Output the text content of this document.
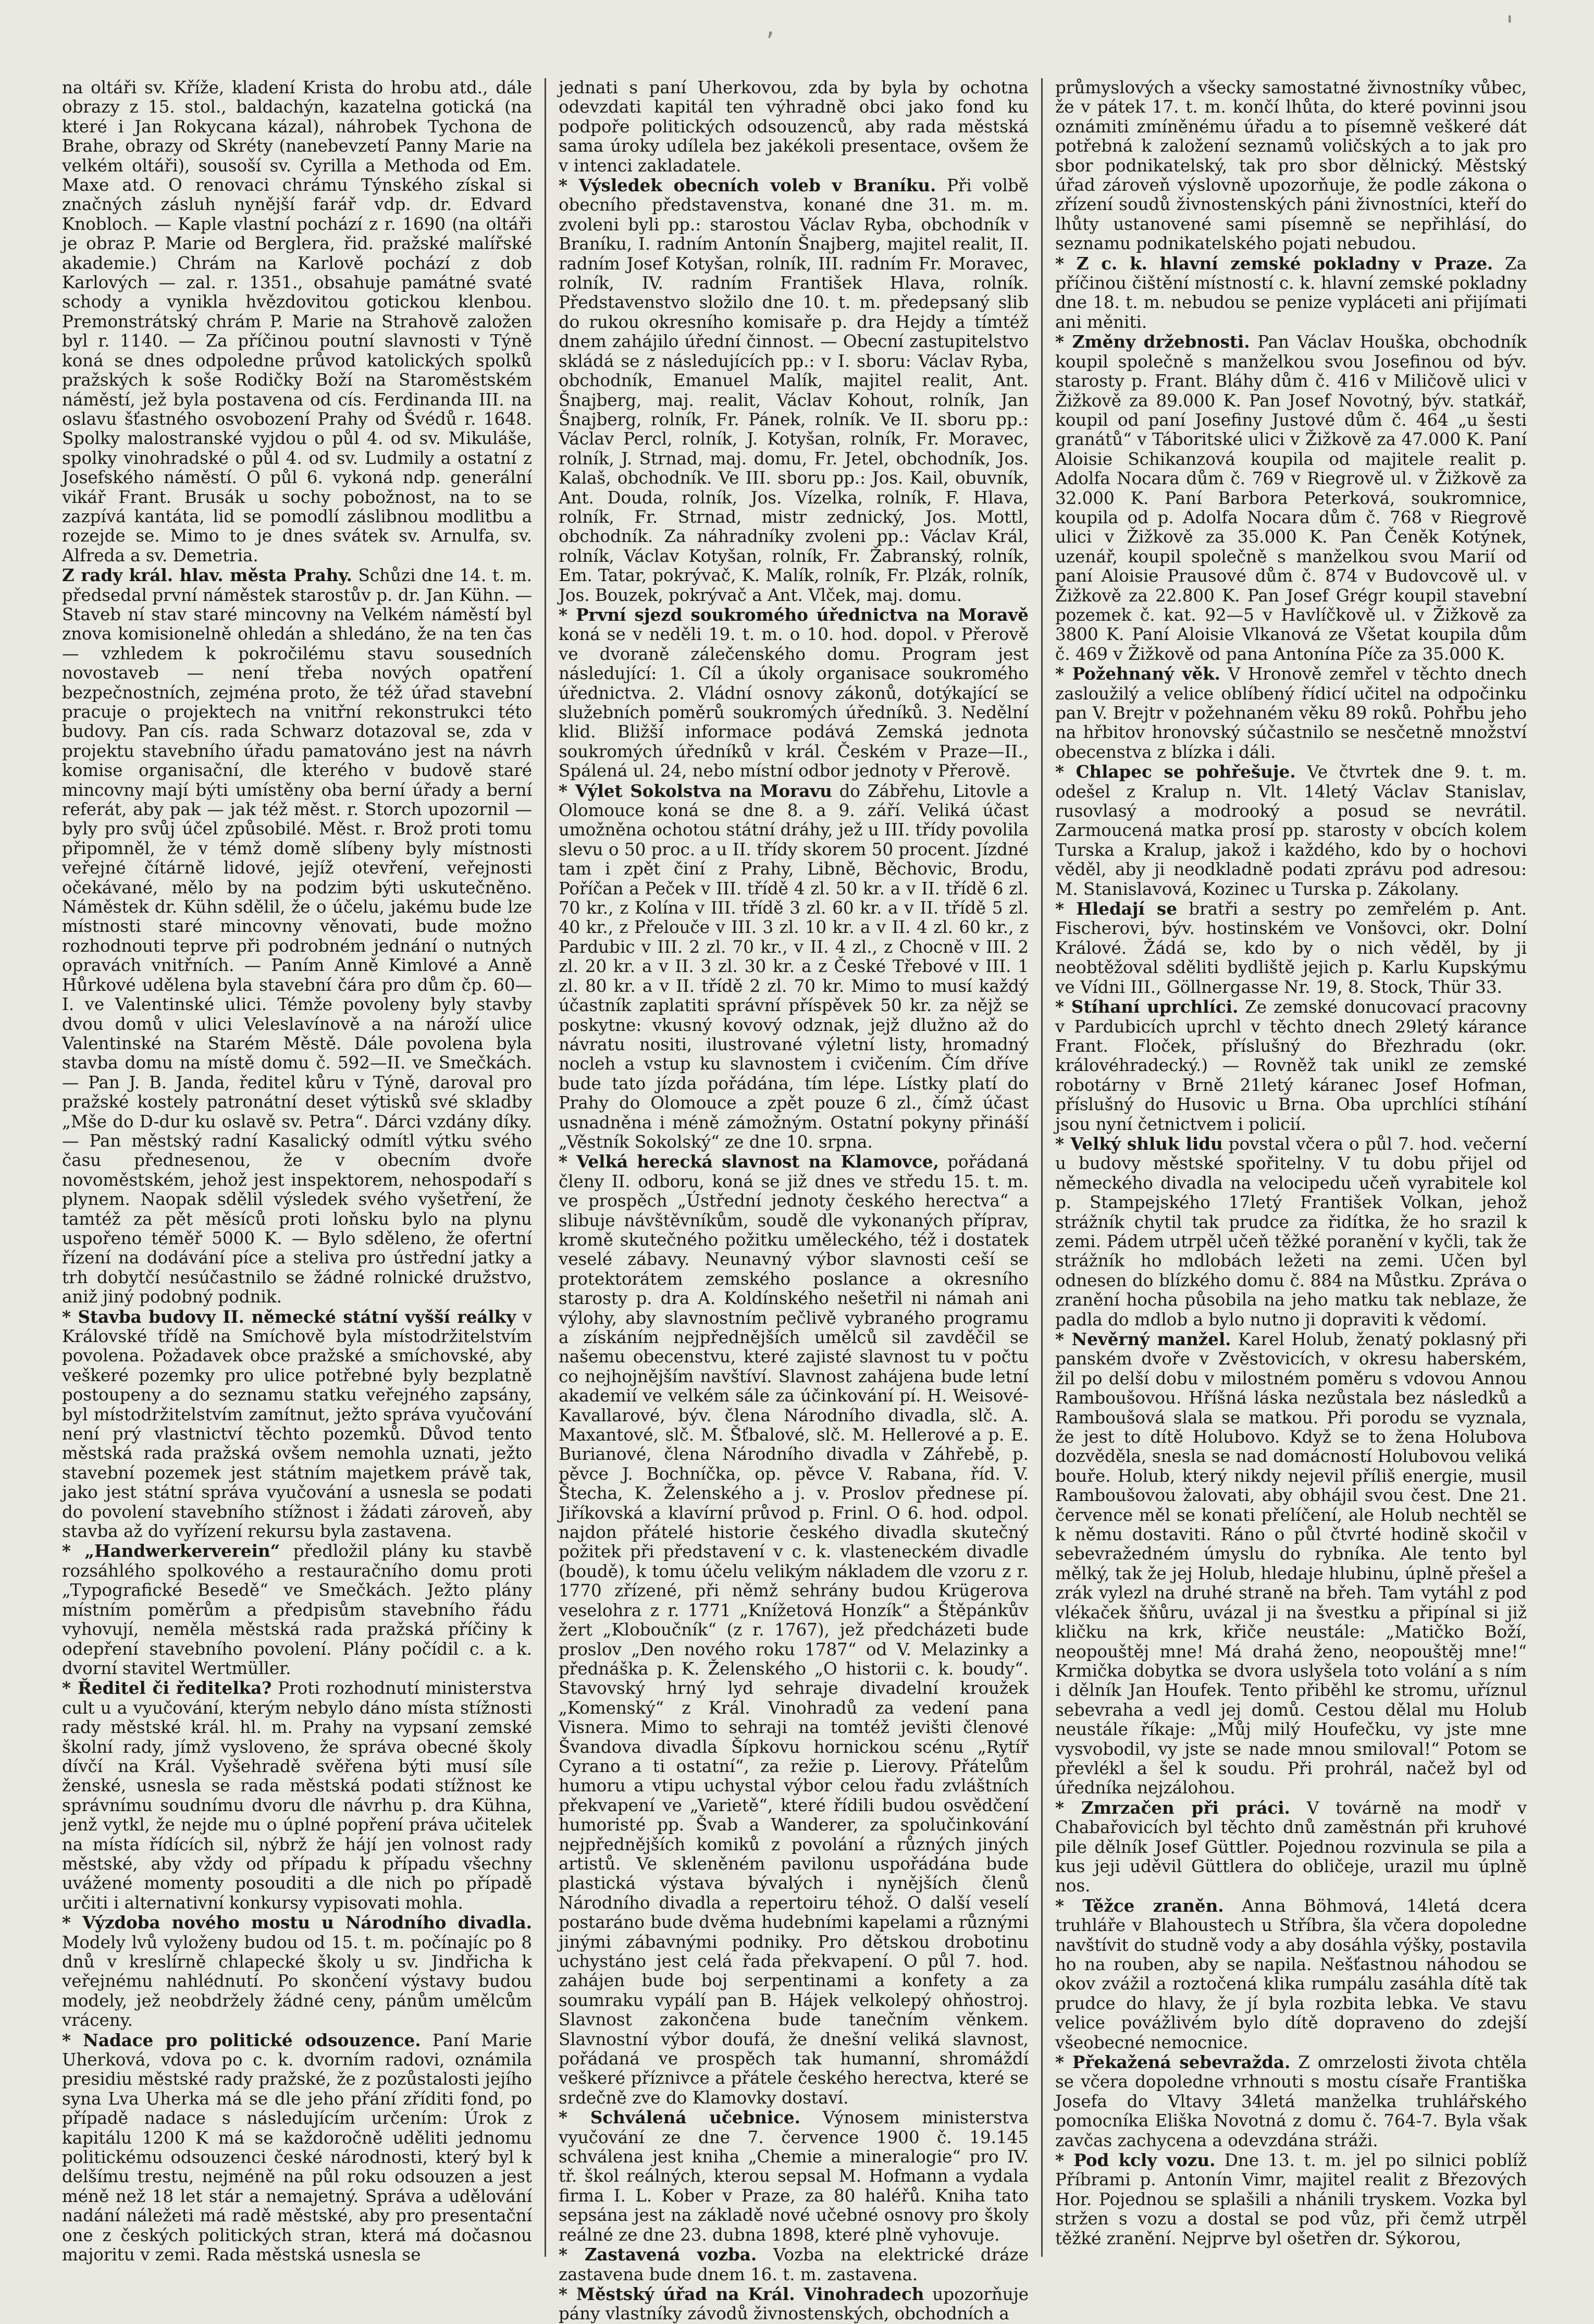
,	'

na oltáři sv. Kříže, kladení Krista do hrobu atd., dále obrazy z 15. stol., baldachýn, kazatelna gotická (na které i Jan Rokycana kázal), náhrobek Tychona de Brahe, obrazy od Skréty (nanebevzetí Panny Marie na velkém oltáři), sousoší sv. Cyrilla a Methoda od Em. Maxe atd. O renovaci chrámu Týnského získal si značných zásluh nynější farář vdp. dr. Edvard Knobloch. — Kaple vlastní pochází z r. 1690 (na oltáři je obraz P. Marie od Berglera, řid. pražské malířské akademie.) Chrám na Karlově pochází z dob Karlových — zal. r. 1351., obsahuje památné svaté schody a vynikla hvězdovitou gotickou klenbou. Premonstrátský chrám P. Marie na Strahově založen byl r. 1140. — Za příčinou poutní slavnosti v Týně koná se dnes odpoledne průvod katolických spolků pražských k soše Rodičky Boží na Staroměstském náměstí, jež byla postavena od cís. Ferdinanda III. na oslavu šťastného osvobození Prahy od Švédů r. 1648. Spolky malostranské vyjdou o půl 4. od sv. Mikuláše, spolky vinohradské o půl 4. od sv. Ludmily a ostatní z Josefského náměstí. O půl 6. vykoná ndp. generální vikář Frant. Brusák u sochy pobožnost, na to se zazpívá kantáta, lid se pomodlí záslibnou modlitbu a rozejde se. Mimo to je dnes svátek sv. Arnulfa, sv. Alfreda a sv. Demetria.

Z rady král. hlav. města Prahy. Schůzi dne 14. t. m. předsedal první náměstek starostův p. dr. Jan Kühn. — Staveb ní stav staré mincovny na Velkém náměstí byl znova komisionelně ohledán a shledáno, že na ten čas — vzhledem k pokročilému stavu sousedních novostaveb — není třeba nových opatření bezpečnostních, zejména proto, že též úřad stavební pracuje o projektech na vnitřní rekonstrukci této budovy. Pan cís. rada Schwarz dotazoval se, zda v projektu stavebního úřadu pamatováno jest na návrh komise organisační, dle kterého v budově staré mincovny mají býti umístěny oba berní úřady a berní referát, aby pak — jak též měst. r. Storch upozornil — byly pro svůj účel způsobilé. Měst. r. Brož proti tomu připomněl, že v témž domě slíbeny byly místnosti veřejné čítárně lidové, jejíž otevření, veřejnosti očekávané, mělo by na podzim býti uskutečněno. Náměstek dr. Kühn sdělil, že o účelu, jakému bude lze místnosti staré mincovny věnovati, bude možno rozhodnouti teprve při podrobném jednání o nutných opravách vnitřních. — Paním Anně Kimlové a Anně Hůrkové udělena byla stavební čára pro dům čp. 60—I. ve Valentinské ulici. Témže povoleny byly stavby dvou domů v ulici Veleslavínově a na nároží ulice Valentinské na Starém Městě. Dále povolena byla stavba domu na místě domu č. 592—II. ve Smečkách. — Pan J. B. Janda, ředitel kůru v Týně, daroval pro pražské kostely patronátní deset výtisků své skladby „Mše do D-dur ku oslavě sv. Petra“. Dárci vzdány díky. — Pan městský radní Kasalický odmítl výtku svého času přednesenou, že v obecním dvoře novoměstském, jehož jest inspektorem, nehospodaří s plynem. Naopak sdělil výsledek svého vyšetření, že tamtéž za pět měsíců proti loňsku bylo na plynu uspořeno téměř 5000 K. — Bylo sděleno, že ofertní řízení na dodávání píce a steliva pro ústřední jatky a trh dobytčí nesúčastnilo se žádné rolnické družstvo, aniž jiný podobný podnik.

* Stavba budovy II. německé státní vyšší reálky v Královské třídě na Smíchově byla místodržitelstvím povolena. Požadavek obce pražské a smíchovské, aby veškeré pozemky pro ulice potřebné byly bezplatně postoupeny a do seznamu statku veřejného zapsány, byl místodržitelstvím zamítnut, ježto správa vyučování není prý vlastnictví těchto pozemků. Důvod tento městská rada pražská ovšem nemohla uznati, ježto stavební pozemek jest státním majetkem právě tak, jako jest státní správa vyučování a usnesla se podati do povolení stavebního stížnost i žádati zároveň, aby stavba až do vyřízení rekursu byla zastavena.

* „Handwerkerverein“ předložil plány ku stavbě rozsáhlého spolkového a restauračního domu proti „Typografické Besedě“ ve Smečkách. Ježto plány místním poměrům a předpisům stavebního řádu vyhovují, neměla městská rada pražská příčiny k odepření stavebního povolení. Plány počídil c. a k. dvorní stavitel Wertmüller.

* Ředitel či ředitelka? Proti rozhodnutí ministerstva cult u a vyučování, kterým nebylo dáno místa stížnosti rady městské král. hl. m. Prahy na vypsaní zemské školní rady, jímž vysloveno, že správa obecné školy dívčí na Král. Vyšehradě svěřena býti musí síle ženské, usnesla se rada městská podati stížnost ke správnímu soudnímu dvoru dle návrhu p. dra Kühna, jenž vytkl, že nejde mu o úplné popření práva učitelek na místa řídících sil, nýbrž že hájí jen volnost rady městské, aby vždy od případu k případu všechny uvážené momenty posouditi a dle nich po případě určiti i alternativní konkursy vypisovati mohla.

* Výzdoba nového mostu u Národního divadla. Modely lvů vyloženy budou od 15. t. m. počínajíc po 8 dnů v kreslírně chlapecké školy u sv. Jindřicha k veřejnému nahlédnutí. Po skončení výstavy budou modely, jež neobdržely žádné ceny, pánům umělcům vráceny.

* Nadace pro politické odsouzence. Paní Marie Uherková, vdova po c. k. dvorním radovi, oznámila presidiu městské rady pražské, že z pozůstalosti jejího syna Lva Uherka má se dle jeho přání zříditi fond, po případě nadace s následujícím určením: Úrok z kapitálu 1200 K má se každoročně uděliti jednomu politickému odsouzenci české národnosti, který byl k delšímu trestu, nejméně na půl roku odsouzen a jest méně než 18 let stár a nemajetný. Správa a udělování nadání náležeti má radě městské, aby pro presentační one z českých politických stran, která má dočasnou majoritu v zemi. Rada městská usnesla se

jednati s paní Uherkovou, zda by byla by ochotna odevzdati kapitál ten výhradně obci jako fond ku podpoře politických odsouzenců, aby rada městská sama úroky udílela bez jakékoli presentace, ovšem že v intenci zakladatele.

* Výsledek obecních voleb v Braníku. Při volbě obecního představenstva, konané dne 31. m. m. zvoleni byli pp.: starostou Václav Ryba, obchodník v Braníku, I. radním Antonín Šnajberg, majitel realit, II. radním Josef Kotyšan, rolník, III. radním Fr. Moravec, rolník, IV. radním František Hlava, rolník. Představenstvo složilo dne 10. t. m. předepsaný slib do rukou okresního komisaře p. dra Hejdy a tímtéž dnem zahájilo úřední činnost. — Obecní zastupitelstvo skládá se z následujících pp.: v I. sboru: Václav Ryba, obchodník, Emanuel Malík, majitel realit, Ant. Šnajberg, maj. realit, Václav Kohout, rolník, Jan Šnajberg, rolník, Fr. Pánek, rolník. Ve II. sboru pp.: Václav Percl, rolník, J. Kotyšan, rolník, Fr. Moravec, rolník, J. Strnad, maj. domu, Fr. Jetel, obchodník, Jos. Kalaš, obchodník. Ve III. sboru pp.: Jos. Kail, obuvník, Ant. Douda, rolník, Jos. Vízelka, rolník, F. Hlava, rolník, Fr. Strnad, mistr zednický, Jos. Mottl, obchodník. Za náhradníky zvoleni pp.: Václav Král, rolník, Václav Kotyšan, rolník, Fr. Žabranský, rolník, Em. Tatar, pokrývač, K. Malík, rolník, Fr. Plzák, rolník, Jos. Bouzek, pokrývač a Ant. Vlček, maj. domu.

* První sjezd soukromého úřednictva na Moravě koná se v neděli 19. t. m. o 10. hod. dopol. v Přerově ve dvoraně zálečenského domu. Program jest následující: 1. Cíl a úkoly organisace soukromého úřednictva. 2. Vládní osnovy zákonů, dotýkající se služebních poměrů soukromých úředníků. 3. Nedělní klid. Bližší informace podává Zemská jednota soukromých úředníků v král. Českém v Praze—II., Spálená ul. 24, nebo místní odbor jednoty v Přerově.

* Výlet Sokolstva na Moravu do Zábřehu, Litovle a Olomouce koná se dne 8. a 9. září. Veliká účast umožněna ochotou státní dráhy, jež u III. třídy povolila slevu o 50 proc. a u II. třídy skorem 50 procent. Jízdné tam i zpět činí z Prahy, Libně, Běchovic, Brodu, Poříčan a Peček v III. třídě 4 zl. 50 kr. a v II. třídě 6 zl. 70 kr., z Kolína v III. třídě 3 zl. 60 kr. a v II. třídě 5 zl. 40 kr., z Přelouče v III. 3 zl. 10 kr. a v II. 4 zl. 60 kr., z Pardubic v III. 2 zl. 70 kr., v II. 4 zl., z Chocně v III. 2 zl. 20 kr. a v II. 3 zl. 30 kr. a z České Třebové v III. 1 zl. 80 kr. a v II. třídě 2 zl. 70 kr. Mimo to musí každý účastník zaplatiti správní příspěvek 50 kr. za nějž se poskytne: vkusný kovový odznak, jejž dlužno až do návratu nositi, ilustrované výletní listy, hromadný nocleh a vstup ku slavnostem i cvičením. Čím dříve bude tato jízda pořádána, tím lépe. Lístky platí do Prahy do Olomouce a zpět pouze 6 zl., čímž účast usnadněna i méně zámožným. Ostatní pokyny přináší „Věstník Sokolský“ ze dne 10. srpna.

* Velká herecká slavnost na Klamovce, pořádaná členy II. odboru, koná se již dnes ve středu 15. t. m. ve prospěch „Ústřední jednoty českého herectva“ a slibuje návštěvníkům, soudě dle vykonaných příprav, kromě skutečného požitku uměleckého, též i dostatek veselé zábavy. Neunavný výbor slavnosti ceší se protektorátem zemského poslance a okresního starosty p. dra A. Koldínského nešetřil ni námah ani výlohy, aby slavnostním pečlivě vybraného programu a získáním nejpřednějších umělců sil zavděčil se našemu obecenstvu, které zajisté slavnost tu v počtu co nejhojnějším navštíví. Slavnost zahájena bude letní akademií ve velkém sále za účinkování pí. H. Weisové-Kavallarové, býv. člena Národního divadla, slč. A. Maxantové, slč. M. Šťbalové, slč. M. Hellerové a p. E. Burianové, člena Národního divadla v Záhřebě, p. pěvce J. Bochníčka, op. pěvce V. Rabana, říd. V. Štecha, K. Želenského a j. v. Proslov přednese pí. Jiříkovská a klavírní průvod p. Frinl. O 6. hod. odpol. najdon přátelé historie českého divadla skutečný požitek při představení v c. k. vlasteneckém divadle (boudě), k tomu účelu velikým nákladem dle vzoru z r. 1770 zřízené, při němž sehrány budou Krügerova veselohra z r. 1771 „Knížetová Honzík“ a Štěpánkův žert „Kloboučník“ (z r. 1767), jež předcházeti bude proslov „Den nového roku 1787“ od V. Melazinky a přednáška p. K. Želenského „O historii c. k. boudy“. Stavovský hrný lyd sehraje divadelní kroužek „Komenský“ z Král. Vinohradů za vedení pana Visnera. Mimo to sehraji na tomtéž jevišti členové Švandova divadla Šípkovu hornickou scénu „Rytíř Cyrano a ti ostatní“, za režie p. Lierovy. Přátelům humoru a vtipu uchystal výbor celou řadu zvláštních překvapení ve „Varietě“, které řídili budou osvědčení humoristé pp. Švab a Wanderer, za spolučinkování nejpřednějších komiků z povolání a různých jiných artistů. Ve skleněném pavilonu uspořádána bude plastická výstava bývalých i nynějších členů Národního divadla a repertoiru téhož. O další veselí postaráno bude dvěma hudebními kapelami a různými jinými zábavnými podniky. Pro dětskou drobotinu uchystáno jest celá řada překvapení. O půl 7. hod. zahájen bude boj serpentinami a konfety a za soumraku vypálí pan B. Hájek velkolepý ohňostroj. Slavnost zakončena bude tanečním věnkem. Slavnostní výbor doufá, že dnešní veliká slavnost, pořádaná ve prospěch tak humanní, shromáždí veškeré příznivce a přátele českého herectva, které se srdečně zve do Klamovky dostaví.

* Schválená učebnice. Výnosem ministerstva vyučování ze dne 7. července 1900 č. 19.145 schválena jest kniha „Chemie a mineralogie“ pro IV. tř. škol reálných, kterou sepsal M. Hofmann a vydala firma I. L. Kober v Praze, za 80 haléřů. Kniha tato sepsána jest na základě nové učebné osnovy pro školy reálné ze dne 23. dubna 1898, které plně vyhovuje.

* Zastavená vozba. Vozba na elektrické dráze zastavena bude dnem 16. t. m. zastavena.

* Městský úřad na Král. Vinohradech upozorňuje pány vlastníky závodů živnostenských, obchodních a

průmyslových a všecky samostatné živnostníky vůbec, že v pátek 17. t. m. končí lhůta, do které povinni jsou oznámiti zmíněnému úřadu a to písemně veškeré dát potřebná k založení seznamů voličských a to jak pro sbor podnikatelský, tak pro sbor dělnický. Městský úřad zároveň výslovně upozorňuje, že podle zákona o zřízení soudů živnostenských páni živnostníci, kteří do lhůty ustanovené sami písemně se nepřihlásí, do seznamu podnikatelského pojati nebudou.

* Z c. k. hlavní zemské pokladny v Praze. Za příčinou čištění místností c. k. hlavní zemské pokladny dne 18. t. m. nebudou se penize vypláceti ani přijímati ani měniti.

* Změny držebnosti. Pan Václav Houška, obchodník koupil společně s manželkou svou Josefinou od býv. starosty p. Frant. Bláhy dům č. 416 v Miličově ulici v Žižkově za 89.000 K. Pan Josef Novotný, býv. statkář, koupil od paní Josefiny Justové dům č. 464 „u šesti granátů“ v Táboritské ulici v Žižkově za 47.000 K. Paní Aloisie Schikanzová koupila od majitele realit p. Adolfa Nocara dům č. 769 v Riegrově ul. v Žižkově za 32.000 K. Paní Barbora Peterková, soukromnice, koupila od p. Adolfa Nocara dům č. 768 v Riegrově ulici v Žižkově za 35.000 K. Pan Čeněk Kotýnek, uzenář, koupil společně s manželkou svou Marií od paní Aloisie Prausové dům č. 874 v Budovcově ul. v Žižkově za 22.800 K. Pan Josef Grégr koupil stavební pozemek č. kat. 92—5 v Havlíčkově ul. v Žižkově za 3800 K. Paní Aloisie Vlkanová ze Všetat koupila dům č. 469 v Žižkově od pana Antonína Píče za 35.000 K.

* Požehnaný věk. V Hronově zemřel v těchto dnech zasloužilý a velice oblíbený řídicí učitel na odpočinku pan V. Brejtr v požehnaném věku 89 roků. Pohřbu jeho na hřbitov hronovský súčastnilo se nesčetně množství obecenstva z blízka i dáli.

* Chlapec se pohřešuje. Ve čtvrtek dne 9. t. m. odešel z Kralup n. Vlt. 14letý Václav Stanislav, rusovlasý a modrooký a posud se nevrátil. Zarmoucená matka prosí pp. starosty v obcích kolem Turska a Kralup, jakož i každého, kdo by o hochovi věděl, aby ji neodkladně podati zprávu pod adresou: M. Stanislavová, Kozinec u Turska p. Zákolany.

* Hledají se bratři a sestry po zemřelém p. Ant. Fischerovi, býv. hostinském ve Vonšovci, okr. Dolní Králové. Žádá se, kdo by o nich věděl, by ji neobtěžoval sděliti bydliště jejich p. Karlu Kupskýmu ve Vídni III., Göllnergasse Nr. 19, 8. Stock, Thür 33.

* Stíhaní uprchlíci. Ze zemské donucovací pracovny v Pardubicích uprchl v těchto dnech 29letý kárance Frant. Floček, příslušný do Březhradu (okr. královéhradecký.) — Rovněž tak unikl ze zemské robotárny v Brně 21letý káranec Josef Hofman, příslušný do Husovic u Brna. Oba uprchlíci stíhání jsou nyní četnictvem i policií.

* Velký shluk lidu povstal včera o půl 7. hod. večerní u budovy městské spořitelny. V tu dobu přijel od německého divadla na velocipedu učeň vyrabitele kol p. Stampejského 17letý František Volkan, jehož strážník chytil tak prudce za řidítka, že ho srazil k zemi. Pádem utrpěl učeň těžké poranění v kyčli, tak že strážník ho mdlobách ležeti na zemi. Učen byl odnesen do blízkého domu č. 884 na Můstku. Zpráva o zranění hocha působila na jeho matku tak neblaze, že padla do mdlob a bylo nutno ji dopraviti k vědomí.

* Nevěrný manžel. Karel Holub, ženatý poklasný při panském dvoře v Zvěstovicích, v okresu haberském, žil po delší dobu v milostném poměru s vdovou Annou Ramboušovou. Hříšná láska nezůstala bez následků a Ramboušová slala se matkou. Při porodu se vyznala, že jest to dítě Holubovo. Když se to žena Holubova dozvěděla, snesla se nad domácností Holubovou veliká bouře. Holub, který nikdy nejevil příliš energie, musil Ramboušovou žalovati, aby obhájil svou čest. Dne 21. července měl se konati přelíčení, ale Holub nechtěl se k němu dostaviti. Ráno o půl čtvrté hodině skočil v sebevražedném úmyslu do rybníka. Ale tento byl mělký, tak že jej Holub, hledaje hlubinu, úplně přešel a zrák vylezl na druhé straně na břeh. Tam vytáhl z pod vlékaček šňůru, uvázal ji na švestku a připínal si již kličku na krk, křiče neustále: „Matičko Boží, neopouštěj mne! Má drahá ženo, neopouštěj mne!“ Krmička dobytka se dvora uslyšela toto volání a s ním i dělník Jan Houfek. Tento přiběhl ke stromu, uříznul sebevraha a vedl jej domů. Cestou dělal mu Holub neustále říkaje: „Můj milý Houfečku, vy jste mne vysvobodil, vy jste se nade mnou smiloval!“ Potom se převlékl a šel k soudu. Při prohrál, načež byl od úředníka nejzálohou.

* Zmrzačen při práci. V továrně na modř v Chabařovicích byl těchto dnů zaměstnán při kruhové pile dělník Josef Güttler. Pojednou rozvinula se pila a kus jeji uděvil Güttlera do obličeje, urazil mu úplně nos.

* Těžce zraněn. Anna Böhmová, 14letá dcera truhláře v Blahoustech u Stříbra, šla včera dopoledne navštívit do studně vody a aby dosáhla výšky, postavila ho na rouben, aby se napila. Nešťastnou náhodou se okov zvážil a roztočená klika rumpálu zasáhla dítě tak prudce do hlavy, že jí byla rozbita lebka. Ve stavu velice povážlivém bylo dítě dopraveno do zdejší všeobecné nemocnice.

* Překažená sebevražda. Z omrzelosti života chtěla se včera dopoledne vrhnouti s mostu císaře Františka Josefa do Vltavy 34letá manželka truhlářského pomocníka Eliška Novotná z domu č. 764-7. Byla však zavčas zachycena a odevzdána stráži.

* Pod kcly vozu. Dne 13. t. m. jel po silnici poblíž Příbrami p. Antonín Vimr, majitel realit z Březových Hor. Pojednou se splašili a nhánili tryskem. Vozka byl stržen s vozu a dostal se pod vůz, při čemž utrpěl těžké zranění. Nejprve byl ošetřen dr. Sýkorou,
